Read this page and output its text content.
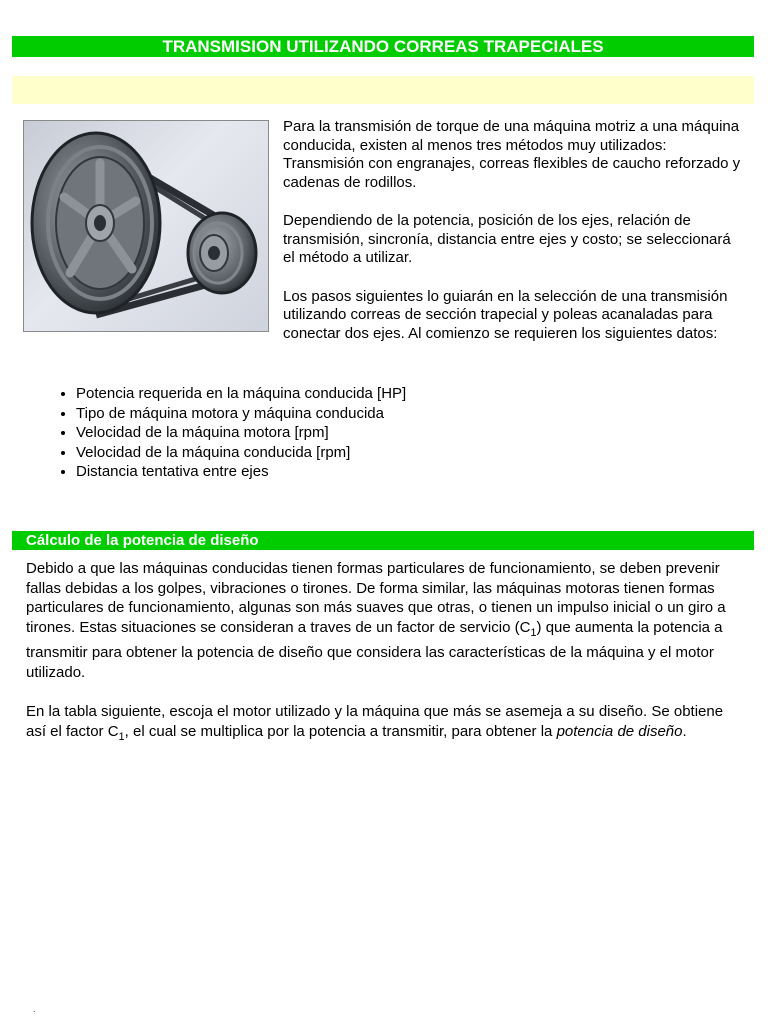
TRANSMISION UTILIZANDO CORREAS TRAPECIALES

Para la transmisión de torque de una máquina motriz a una máquina conducida, existen al menos tres métodos muy utilizados: Transmisión con engranajes, correas flexibles de caucho reforzado y cadenas de rodillos.

Dependiendo de la potencia, posición de los ejes, relación de transmisión, sincronía, distancia entre ejes y costo; se seleccionará el método a utilizar.

Los pasos siguientes lo guiarán en la selección de una transmisión utilizando correas de sección trapecial y poleas acanaladas para conectar dos ejes. Al comienzo se requieren los siguientes datos:

• Potencia requerida en la máquina conducida [HP]
• Tipo de máquina motora y máquina conducida
• Velocidad de la máquina motora [rpm]
• Velocidad de la máquina conducida [rpm]
• Distancia tentativa entre ejes
Cálculo de la potencia de diseño

Debido a que las máquinas conducidas tienen formas particulares de funcionamiento, se deben prevenir fallas debidas a los golpes, vibraciones o tirones. De forma similar, las máquinas motoras tienen formas particulares de funcionamiento, algunas son más suaves que otras, o tienen un impulso inicial o un giro a tirones. Estas situaciones se consideran a traves de un factor de servicio $(C_1)$ que aumenta la potencia a transmitir para obtener la potencia de diseño que considera las características de la máquina y el motor utilizado.

En la tabla siguiente, escoja el motor utilizado y la máquina que más se asemeja a su diseño. Se obtiene así el factor $C_1$, el cual se multiplica por la potencia a transmitir, para obtener la potencia de diseño.

.
